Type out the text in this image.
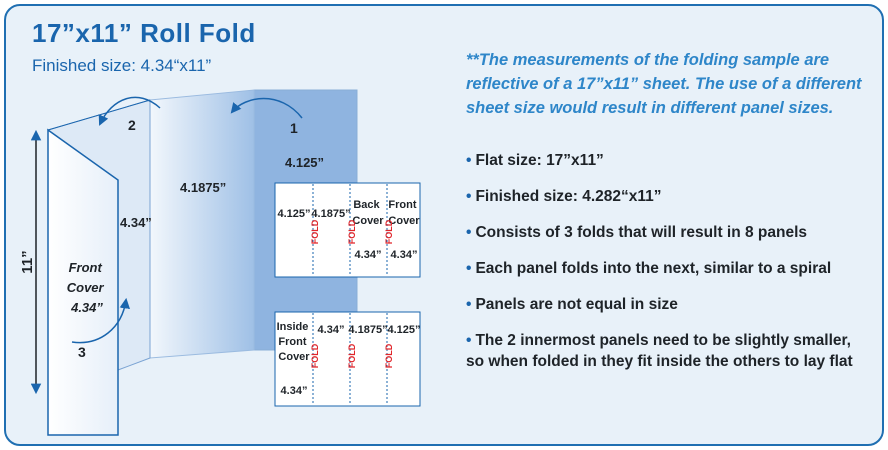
17”x11” Roll Fold
Finished size: 4.34“x11”	**The measurements of the folding sample are reflective of a 17”x11” sheet. The use of a different sheet size would result in different panel sizes.
• Flat size: 17”x11”
• Finished size: 4.282“x11”
• Consists of 3 folds that will result in 8 panels
• Each panel folds into the next, similar to a spiral
• Panels are not equal in size
• The 2 innermost panels need to be slightly smaller, so when folded in they fit inside the others to lay flat
11”
1
2
3
4.125”
4.1875”
4.34”
Front Cover 4.34”
4.125” 4.1875”
Back Cover
Front Cover
4.34” 4.34”
FOLD	FOLD	FOLD
Inside Front Cover
4.34”
4.34” 4.1875” 4.125”
FOLD	FOLD	FOLD
